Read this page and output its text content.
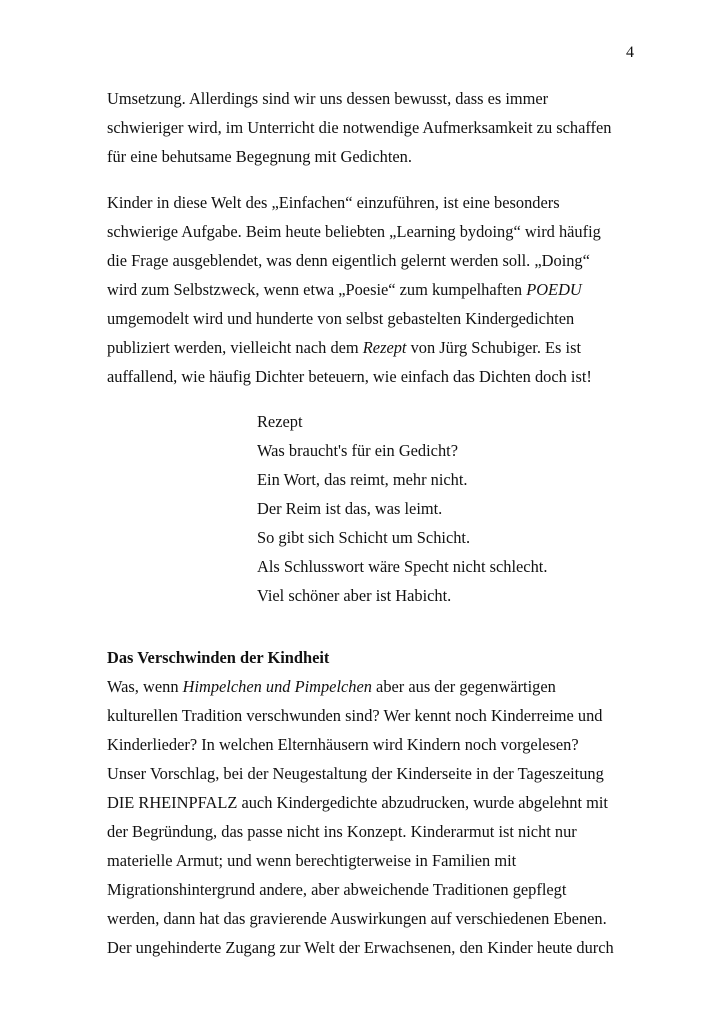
4

Umsetzung. Allerdings sind wir uns dessen bewusst, dass es immer
schwieriger wird, im Unterricht die notwendige Aufmerksamkeit zu schaffen
für eine behutsame Begegnung mit Gedichten.

Kinder in diese Welt des „Einfachen“ einzuführen, ist eine besonders
schwierige Aufgabe. Beim heute beliebten „Learning bydoing“ wird häufig
die Frage ausgeblendet, was denn eigentlich gelernt werden soll. „Doing“
wird zum Selbstzweck, wenn etwa „Poesie“ zum kumpelhaften POEDU
umgemodelt wird und hunderte von selbst gebastelten Kindergedichten
publiziert werden, vielleicht nach dem Rezept von Jürg Schubiger. Es ist
auffallend, wie häufig Dichter beteuern, wie einfach das Dichten doch ist!

Rezept
Was braucht's für ein Gedicht?
Ein Wort, das reimt, mehr nicht.
Der Reim ist das, was leimt.
So gibt sich Schicht um Schicht.
Als Schlusswort wäre Specht nicht schlecht.
Viel schöner aber ist Habicht.
Das Verschwinden der Kindheit
Was, wenn Himpelchen und Pimpelchen aber aus der gegenwärtigen
kulturellen Tradition verschwunden sind? Wer kennt noch Kinderreime und
Kinderlieder? In welchen Elternhäusern wird Kindern noch vorgelesen?
Unser Vorschlag, bei der Neugestaltung der Kinderseite in der Tageszeitung
DIE RHEINPFALZ auch Kindergedichte abzudrucken, wurde abgelehnt mit
der Begründung, das passe nicht ins Konzept. Kinderarmut ist nicht nur
materielle Armut; und wenn berechtigterweise in Familien mit
Migrationshintergrund andere, aber abweichende Traditionen gepflegt
werden, dann hat das gravierende Auswirkungen auf verschiedenen Ebenen.
Der ungehinderte Zugang zur Welt der Erwachsenen, den Kinder heute durch
